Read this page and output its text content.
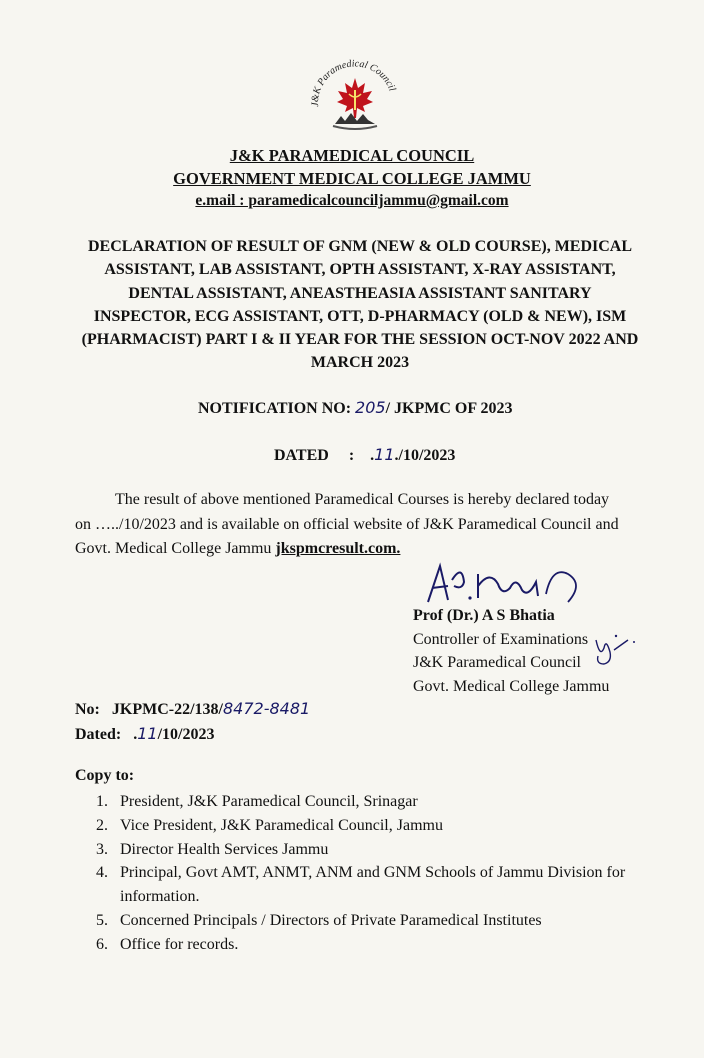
J&K Paramedical Council
J&K PARAMEDICAL COUNCIL
GOVERNMENT MEDICAL COLLEGE JAMMU
e.mail : paramedicalcounciljammu@gmail.com
DECLARATION OF RESULT OF GNM (NEW & OLD COURSE), MEDICAL ASSISTANT, LAB ASSISTANT, OPTH ASSISTANT, X-RAY ASSISTANT, DENTAL ASSISTANT, ANEASTHEASIA ASSISTANT SANITARY INSPECTOR, ECG ASSISTANT, OTT, D-PHARMACY (OLD & NEW), ISM (PHARMACIST) PART I & II YEAR FOR THE SESSION OCT-NOV 2022 AND MARCH 2023
NOTIFICATION NO: 205/ JKPMC OF 2023
DATED :    .11./10/2023
The result of above mentioned Paramedical Courses is hereby declared today
on …../10/2023 and is available on official website of J&K Paramedical Council and
Govt. Medical College Jammu jkspmcresult.com.
Prof (Dr.) A S Bhatia
Controller of Examinations
J&K Paramedical Council
Govt. Medical College Jammu
No: JKPMC-22/138/8472-8481
Dated:   .11/10/2023
Copy to:
1. President, J&K Paramedical Council, Srinagar
2. Vice President, J&K Paramedical Council, Jammu
3. Director Health Services Jammu
4. Principal, Govt AMT, ANMT, ANM and GNM Schools of Jammu Division for information.
5. Concerned Principals / Directors of Private Paramedical Institutes
6. Office for records.
